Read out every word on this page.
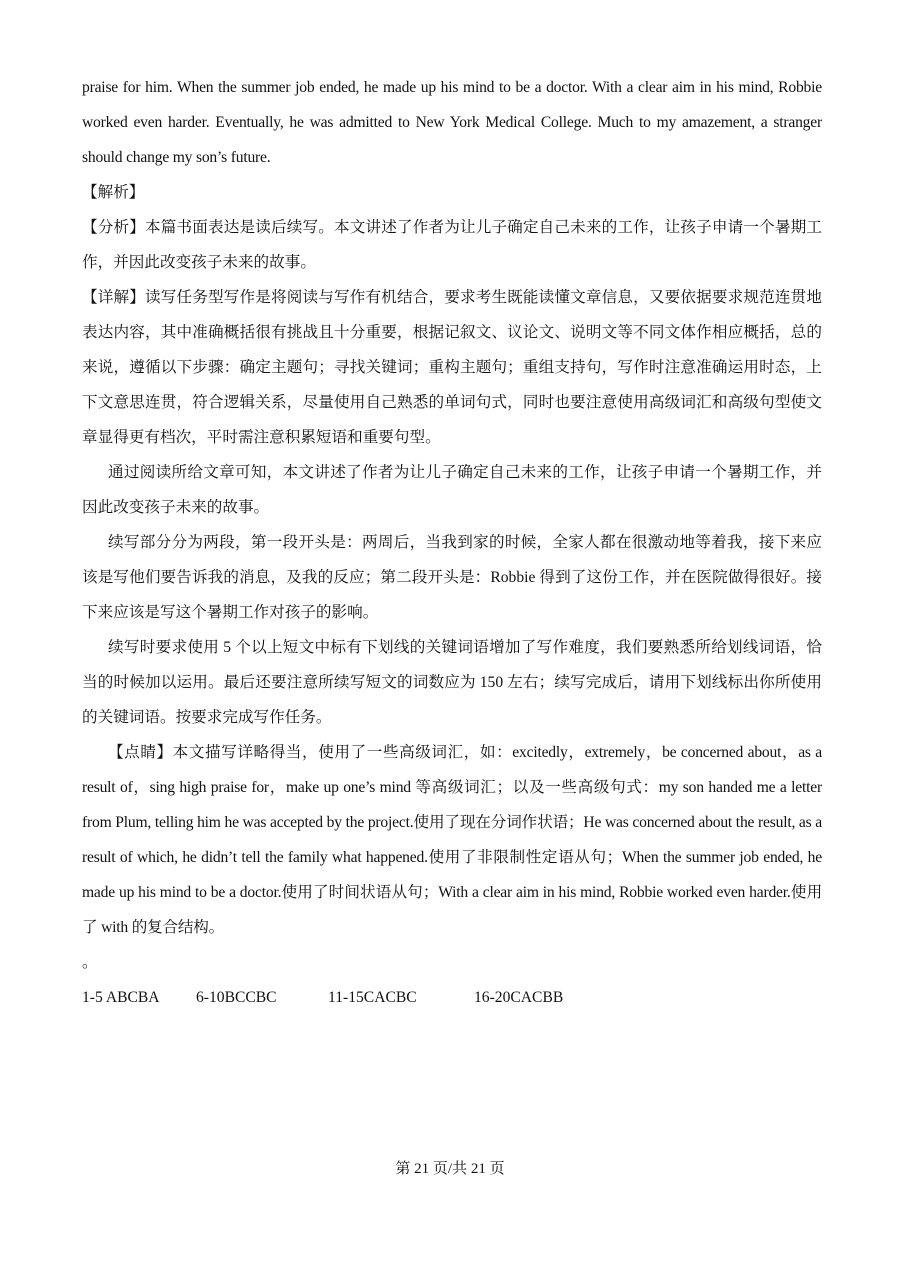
praise for him. When the summer job ended, he made up his mind to be a doctor. With a clear aim in his mind, Robbie worked even harder. Eventually, he was admitted to New York Medical College. Much to my amazement, a stranger should change my son’s future.

【解析】

【分析】本篇书面表达是读后续写。本文讲述了作者为让儿子确定自己未来的工作，让孩子申请一个暑期工作，并因此改变孩子未来的故事。

【详解】读写任务型写作是将阅读与写作有机结合，要求考生既能读懂文章信息，又要依据要求规范连贯地表达内容，其中准确概括很有挑战且十分重要，根据记叙文、议论文、说明文等不同文体作相应概括，总的来说，遵循以下步骤：确定主题句；寻找关键词；重构主题句；重组支持句，写作时注意准确运用时态，上下文意思连贯，符合逻辑关系，尽量使用自己熟悉的单词句式，同时也要注意使用高级词汇和高级句型使文章显得更有档次，平时需注意积累短语和重要句型。

通过阅读所给文章可知，本文讲述了作者为让儿子确定自己未来的工作，让孩子申请一个暑期工作，并因此改变孩子未来的故事。

续写部分分为两段，第一段开头是：两周后，当我到家的时候，全家人都在很激动地等着我，接下来应该是写他们要告诉我的消息，及我的反应；第二段开头是：Robbie 得到了这份工作，并在医院做得很好。接下来应该是写这个暑期工作对孩子的影响。

续写时要求使用 5 个以上短文中标有下划线的关键词语增加了写作难度，我们要熟悉所给划线词语，恰当的时候加以运用。最后还要注意所续写短文的词数应为 150 左右；续写完成后，请用下划线标出你所使用的关键词语。按要求完成写作任务。

【点睛】本文描写详略得当，使用了一些高级词汇，如：excitedly，extremely，be concerned about，as a result of，sing high praise for，make up one’s mind 等高级词汇；以及一些高级句式：my son handed me a letter from Plum, telling him he was accepted by the project.使用了现在分词作状语；He was concerned about the result, as a result of which, he didn’t tell the family what happened.使用了非限制性定语从句；When the summer job ended, he made up his mind to be a doctor.使用了时间状语从句；With a clear aim in his mind, Robbie worked even harder.使用了 with 的复合结构。

。

1-5 ABCBA 6-10BCCBC	11-15CACBC	16-20CACBB
第 21 页/共 21 页
